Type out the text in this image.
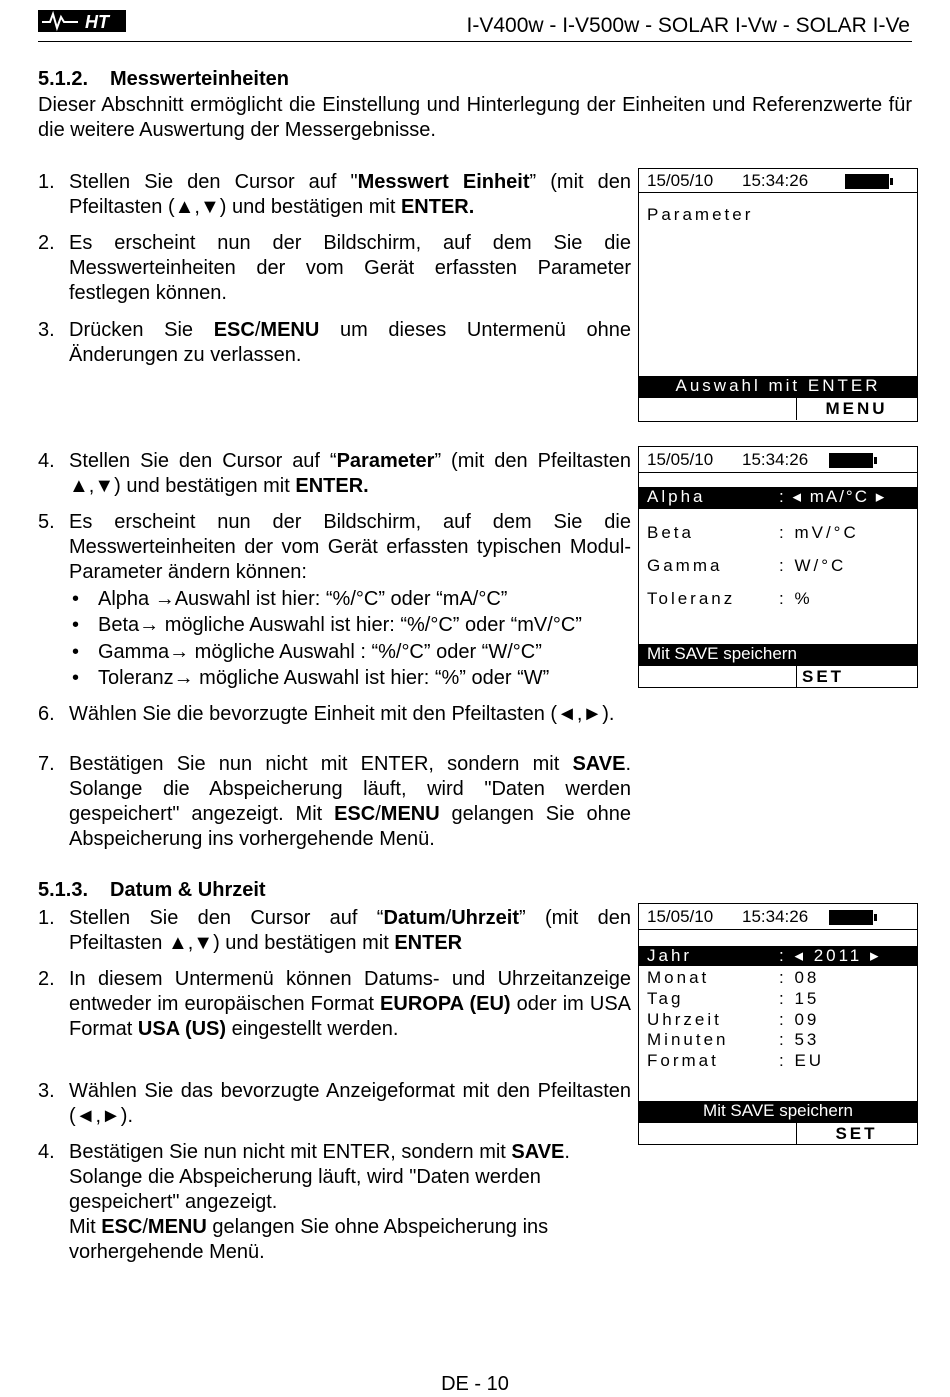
HT	I-V400w - I-V500w - SOLAR I-Vw - SOLAR I-Ve
5.1.2. Messwerteinheiten
Dieser Abschnitt ermöglicht die Einstellung und Hinterlegung der Einheiten und Referenzwerte für die weitere Auswertung der Messergebnisse.
1. Stellen Sie den Cursor auf "Messwert Einheit” (mit den Pfeiltasten (▲,▼) und bestätigen mit ENTER.
2. Es erscheint nun der Bildschirm, auf dem Sie die Messwerteinheiten der vom Gerät erfassten Parameter festlegen können.
3. Drücken Sie ESC/MENU um dieses Untermenü ohne Änderungen zu verlassen.
15/05/10 15:34:26
Parameter
Auswahl mit ENTER
MENU
4. Stellen Sie den Cursor auf “Parameter” (mit den Pfeiltasten ▲,▼) und bestätigen mit ENTER.
5. Es erscheint nun der Bildschirm, auf dem Sie die Messwerteinheiten der vom Gerät erfassten typischen Modul-Parameter ändern können:
• Alpha →Auswahl ist hier: “%/°C” oder “mA/°C”
• Beta→ mögliche Auswahl ist hier: “%/°C” oder “mV/°C”
• Gamma→ mögliche Auswahl : “%/°C” oder “W/°C”
• Toleranz→ mögliche Auswahl ist hier: “%” oder “W”
6. Wählen Sie die bevorzugte Einheit mit den Pfeiltasten (◄,►).
7. Bestätigen Sie nun nicht mit ENTER, sondern mit SAVE. Solange die Abspeicherung läuft, wird "Daten werden gespeichert" angezeigt. Mit ESC/MENU gelangen Sie ohne Abspeicherung ins vorhergehende Menü.
15/05/10 15:34:26
Alpha	: ◂ mA/°C ▸
Beta	: mV/°C
Gamma	: W/°C
Toleranz	: %
Mit SAVE speichern
SET
5.1.3. Datum & Uhrzeit
1. Stellen Sie den Cursor auf “Datum/Uhrzeit” (mit den Pfeiltasten ▲,▼) und bestätigen mit ENTER
2. In diesem Untermenü können Datums- und Uhrzeitanzeige entweder im europäischen Format EUROPA (EU) oder im USA Format USA (US) eingestellt werden.
3. Wählen Sie das bevorzugte Anzeigeformat mit den Pfeiltasten (◄,►).
4. Bestätigen Sie nun nicht mit ENTER, sondern mit SAVE.
Solange die Abspeicherung läuft, wird "Daten werden gespeichert" angezeigt.
Mit ESC/MENU gelangen Sie ohne Abspeicherung ins vorhergehende Menü.
15/05/10 15:34:26
Jahr	: ◂ 2011 ▸
Monat	: 08
Tag	: 15
Uhrzeit	: 09
Minuten	: 53
Format	: EU
Mit SAVE speichern
SET
DE - 10
